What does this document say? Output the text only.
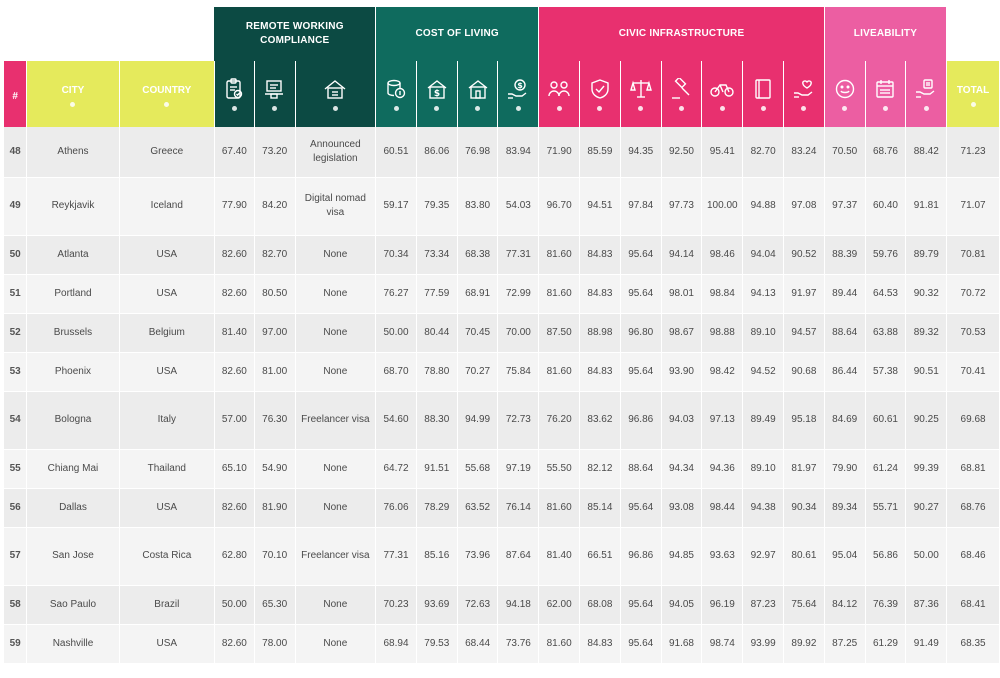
			REMOTE WORKING COMPLIANCE			COST OF LIVING				CIVIC INFRASTRUCTURE							LIVEABILITY			

#	CITY	COUNTRY					$		$											TOTAL

48	Athens	Greece	67.40	73.20	Announced legislation	60.51	86.06	76.98	83.94	71.90	85.59	94.35	92.50	95.41	82.70	83.24	70.50	68.76	88.42	71.23
49	Reykjavik	Iceland	77.90	84.20	Digital nomad visa	59.17	79.35	83.80	54.03	96.70	94.51	97.84	97.73	100.00	94.88	97.08	97.37	60.40	91.81	71.07
50	Atlanta	USA	82.60	82.70	None	70.34	73.34	68.38	77.31	81.60	84.83	95.64	94.14	98.46	94.04	90.52	88.39	59.76	89.79	70.81
51	Portland	USA	82.60	80.50	None	76.27	77.59	68.91	72.99	81.60	84.83	95.64	98.01	98.84	94.13	91.97	89.44	64.53	90.32	70.72
52	Brussels	Belgium	81.40	97.00	None	50.00	80.44	70.45	70.00	87.50	88.98	96.80	98.67	98.88	89.10	94.57	88.64	63.88	89.32	70.53
53	Phoenix	USA	82.60	81.00	None	68.70	78.80	70.27	75.84	81.60	84.83	95.64	93.90	98.42	94.52	90.68	86.44	57.38	90.51	70.41
54	Bologna	Italy	57.00	76.30	Freelancer visa	54.60	88.30	94.99	72.73	76.20	83.62	96.86	94.03	97.13	89.49	95.18	84.69	60.61	90.25	69.68
55	Chiang Mai	Thailand	65.10	54.90	None	64.72	91.51	55.68	97.19	55.50	82.12	88.64	94.34	94.36	89.10	81.97	79.90	61.24	99.39	68.81
56	Dallas	USA	82.60	81.90	None	76.06	78.29	63.52	76.14	81.60	85.14	95.64	93.08	98.44	94.38	90.34	89.34	55.71	90.27	68.76
57	San Jose	Costa Rica	62.80	70.10	Freelancer visa	77.31	85.16	73.96	87.64	81.40	66.51	96.86	94.85	93.63	92.97	80.61	95.04	56.86	50.00	68.46
58	Sao Paulo	Brazil	50.00	65.30	None	70.23	93.69	72.63	94.18	62.00	68.08	95.64	94.05	96.19	87.23	75.64	84.12	76.39	87.36	68.41
59	Nashville	USA	82.60	78.00	None	68.94	79.53	68.44	73.76	81.60	84.83	95.64	91.68	98.74	93.99	89.92	87.25	61.29	91.49	68.35
